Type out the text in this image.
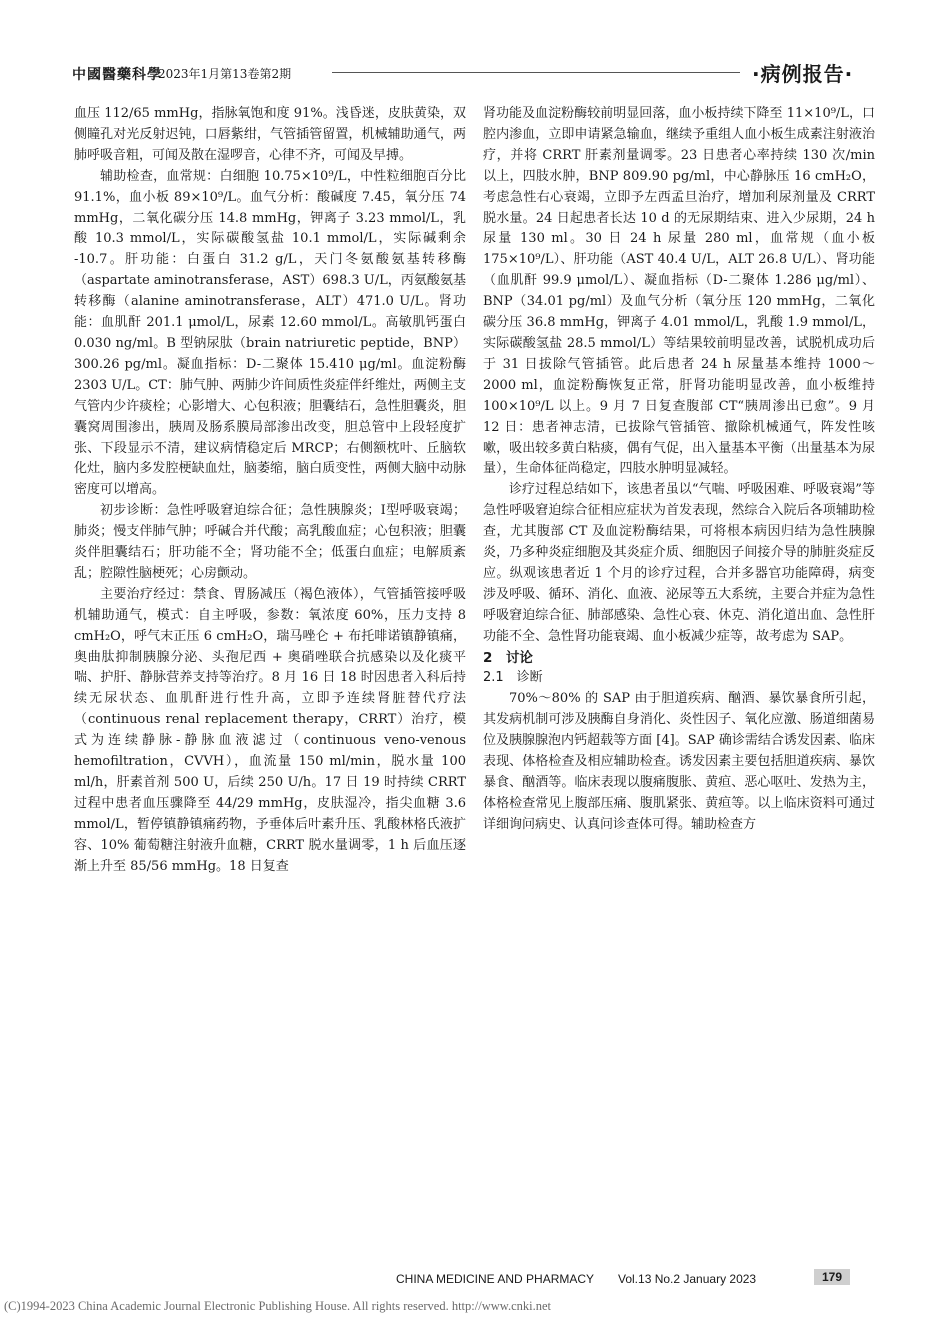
中國醫藥科學
2023年1月第13卷第2期	·病例报告·

血压 112/65 mmHg，指脉氧饱和度 91%。浅昏迷，皮肤黄染，双侧瞳孔对光反射迟钝，口唇紫绀，气管插管留置，机械辅助通气，两肺呼吸音粗，可闻及散在湿啰音，心律不齐，可闻及早搏。

辅助检查，血常规：白细胞 10.75×10⁹/L，中性粒细胞百分比 91.1%，血小板 89×10⁹/L。血气分析：酸碱度 7.45，氧分压 74 mmHg，二氧化碳分压 14.8 mmHg，钾离子 3.23 mmol/L，乳酸 10.3 mmol/L，实际碳酸氢盐 10.1 mmol/L，实际碱剩余 -10.7。肝功能：白蛋白 31.2 g/L，天门冬氨酸氨基转移酶（aspartate aminotransferase，AST）698.3 U/L，丙氨酸氨基转移酶（alanine aminotransferase，ALT）471.0 U/L。肾功能：血肌酐 201.1 μmol/L，尿素 12.60 mmol/L。高敏肌钙蛋白 0.030 ng/ml。B 型钠尿肽（brain natriuretic peptide，BNP）300.26 pg/ml。凝血指标：D-二聚体 15.410 μg/ml。血淀粉酶 2303 U/L。CT：肺气肿、两肺少许间质性炎症伴纤维灶，两侧主支气管内少许痰栓；心影增大、心包积液；胆囊结石，急性胆囊炎，胆囊窝周围渗出，胰周及肠系膜局部渗出改变，胆总管中上段轻度扩张、下段显示不清，建议病情稳定后 MRCP；右侧额枕叶、丘脑软化灶，脑内多发腔梗缺血灶，脑萎缩，脑白质变性，两侧大脑中动脉密度可以增高。

初步诊断：急性呼吸窘迫综合征；急性胰腺炎；Ⅰ型呼吸衰竭；肺炎；慢支伴肺气肿；呼碱合并代酸；高乳酸血症；心包积液；胆囊炎伴胆囊结石；肝功能不全；肾功能不全；低蛋白血症；电解质紊乱；腔隙性脑梗死；心房颤动。

主要治疗经过：禁食、胃肠减压（褐色液体），气管插管接呼吸机辅助通气，模式：自主呼吸，参数：氧浓度 60%，压力支持 8 cmH₂O，呼气末正压 6 cmH₂O，瑞马唑仑 + 布托啡诺镇静镇痛，奥曲肽抑制胰腺分泌、头孢尼西 + 奥硝唑联合抗感染以及化痰平喘、护肝、静脉营养支持等治疗。8 月 16 日 18 时因患者入科后持续无尿状态、血肌酐进行性升高，立即予连续肾脏替代疗法（continuous renal replacement therapy，CRRT）治疗，模式为连续静脉-静脉血液滤过（continuous veno-venous hemofiltration，CVVH），血流量 150 ml/min，脱水量 100 ml/h，肝素首剂 500 U，后续 250 U/h。17 日 19 时持续 CRRT 过程中患者血压骤降至 44/29 mmHg，皮肤湿冷，指尖血糖 3.6 mmol/L，暂停镇静镇痛药物，予垂体后叶素升压、乳酸林格氏液扩容、10% 葡萄糖注射液升血糖，CRRT 脱水量调零，1 h 后血压逐渐上升至 85/56 mmHg。18 日复查

肾功能及血淀粉酶较前明显回落，血小板持续下降至 11×10⁹/L，口腔内渗血，立即申请紧急输血，继续予重组人血小板生成素注射液治疗，并将 CRRT 肝素剂量调零。23 日患者心率持续 130 次/min 以上，四肢水肿，BNP 809.90 pg/ml，中心静脉压 16 cmH₂O，考虑急性右心衰竭，立即予左西孟旦治疗，增加利尿剂量及 CRRT 脱水量。24 日起患者长达 10 d 的无尿期结束、进入少尿期，24 h 尿量 130 ml。30 日 24 h 尿量 280 ml，血常规（血小板 175×10⁹/L）、肝功能（AST 40.4 U/L，ALT 26.8 U/L）、肾功能（血肌酐 99.9 μmol/L）、凝血指标（D-二聚体 1.286 μg/ml）、BNP（34.01 pg/ml）及血气分析（氧分压 120 mmHg，二氧化碳分压 36.8 mmHg，钾离子 4.01 mmol/L，乳酸 1.9 mmol/L，实际碳酸氢盐 28.5 mmol/L）等结果较前明显改善，试脱机成功后于 31 日拔除气管插管。此后患者 24 h 尿量基本维持 1000～2000 ml，血淀粉酶恢复正常，肝肾功能明显改善，血小板维持 100×10⁹/L 以上。9 月 7 日复查腹部 CT“胰周渗出已愈”。9 月 12 日：患者神志清，已拔除气管插管、撤除机械通气，阵发性咳嗽，吸出较多黄白粘痰，偶有气促，出入量基本平衡（出量基本为尿量），生命体征尚稳定，四肢水肿明显减轻。

诊疗过程总结如下，该患者虽以“气喘、呼吸困难、呼吸衰竭”等急性呼吸窘迫综合征相应症状为首发表现，然综合入院后各项辅助检查，尤其腹部 CT 及血淀粉酶结果，可将根本病因归结为急性胰腺炎，乃多种炎症细胞及其炎症介质、细胞因子间接介导的肺脏炎症反应。纵观该患者近 1 个月的诊疗过程，合并多器官功能障碍，病变涉及呼吸、循环、消化、血液、泌尿等五大系统，主要合并症为急性呼吸窘迫综合征、肺部感染、急性心衰、休克、消化道出血、急性肝功能不全、急性肾功能衰竭、血小板减少症等，故考虑为 SAP。

2　讨论
2.1　诊断

70%～80% 的 SAP 由于胆道疾病、酗酒、暴饮暴食所引起，其发病机制可涉及胰酶自身消化、炎性因子、氧化应激、肠道细菌易位及胰腺腺泡内钙超载等方面 [4]。SAP 确诊需结合诱发因素、临床表现、体格检查及相应辅助检查。诱发因素主要包括胆道疾病、暴饮暴食、酗酒等。临床表现以腹痛腹胀、黄疸、恶心呕吐、发热为主，体格检查常见上腹部压痛、腹肌紧张、黄疸等。以上临床资料可通过详细询问病史、认真问诊查体可得。辅助检查方

CHINA MEDICINE AND PHARMACY Vol.13 No.2 January 2023	179
(C)1994-2023 China Academic Journal Electronic Publishing House. All rights reserved. http://www.cnki.net
